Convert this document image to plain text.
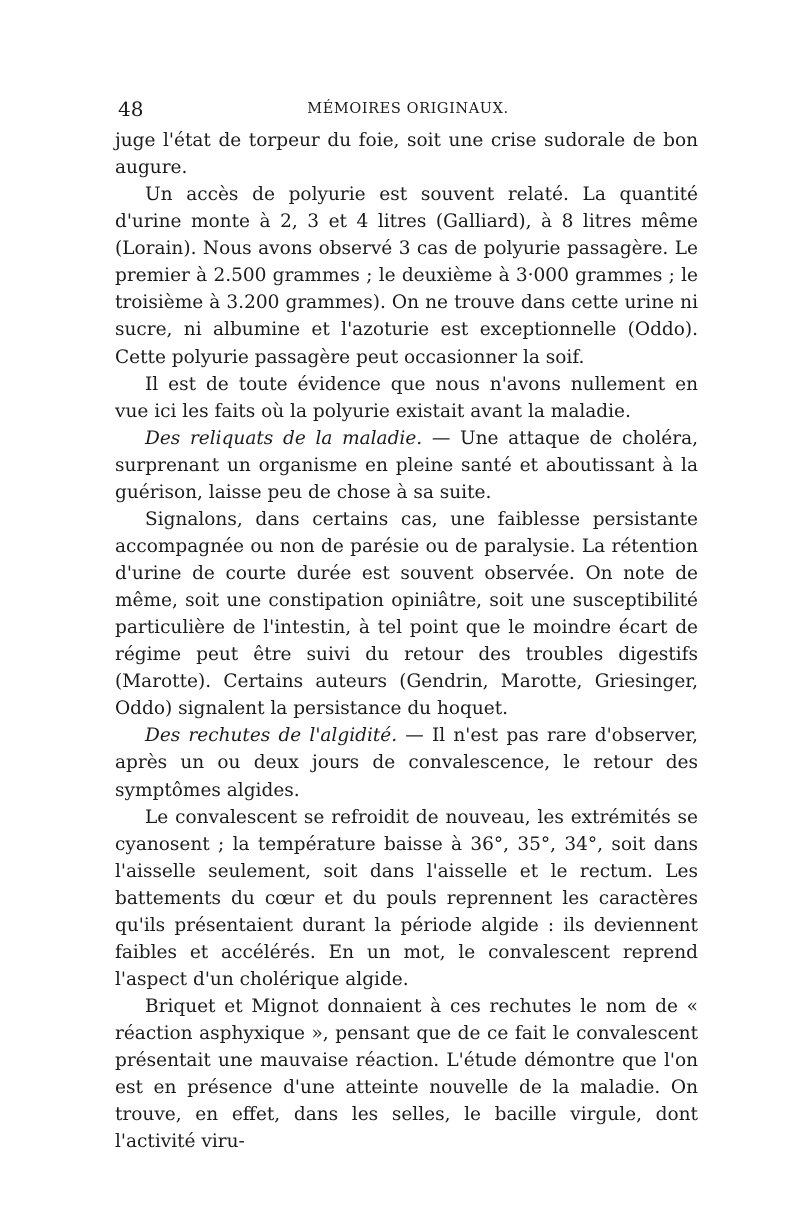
48	MÉMOIRES ORIGINAUX.

juge l'état de torpeur du foie, soit une crise sudorale de bon augure.

Un accès de polyurie est souvent relaté. La quantité d'urine monte à 2, 3 et 4 litres (Galliard), à 8 litres même (Lorain). Nous avons observé 3 cas de polyurie passagère. Le premier à 2.500 grammes ; le deuxième à 3·000 grammes ; le troisième à 3.200 grammes). On ne trouve dans cette urine ni sucre, ni albumine et l'azoturie est exceptionnelle (Oddo). Cette polyurie passagère peut occasionner la soif.

Il est de toute évidence que nous n'avons nullement en vue ici les faits où la polyurie existait avant la maladie.

Des reliquats de la maladie. — Une attaque de choléra, surprenant un organisme en pleine santé et aboutissant à la guérison, laisse peu de chose à sa suite.

Signalons, dans certains cas, une faiblesse persistante accompagnée ou non de parésie ou de paralysie. La rétention d'urine de courte durée est souvent observée. On note de même, soit une constipation opiniâtre, soit une susceptibilité particulière de l'intestin, à tel point que le moindre écart de régime peut être suivi du retour des troubles digestifs (Marotte). Certains auteurs (Gendrin, Marotte, Griesinger, Oddo) signalent la persistance du hoquet.

Des rechutes de l'algidité. — Il n'est pas rare d'observer, après un ou deux jours de convalescence, le retour des symptômes algides.

Le convalescent se refroidit de nouveau, les extrémités se cyanosent ; la température baisse à 36°, 35°, 34°, soit dans l'aisselle seulement, soit dans l'aisselle et le rectum. Les battements du cœur et du pouls reprennent les caractères qu'ils présentaient durant la période algide : ils deviennent faibles et accélérés. En un mot, le convalescent reprend l'aspect d'un cholérique algide.

Briquet et Mignot donnaient à ces rechutes le nom de « réaction asphyxique », pensant que de ce fait le convalescent présentait une mauvaise réaction. L'étude démontre que l'on est en présence d'une atteinte nouvelle de la maladie. On trouve, en effet, dans les selles, le bacille virgule, dont l'activité viru-
